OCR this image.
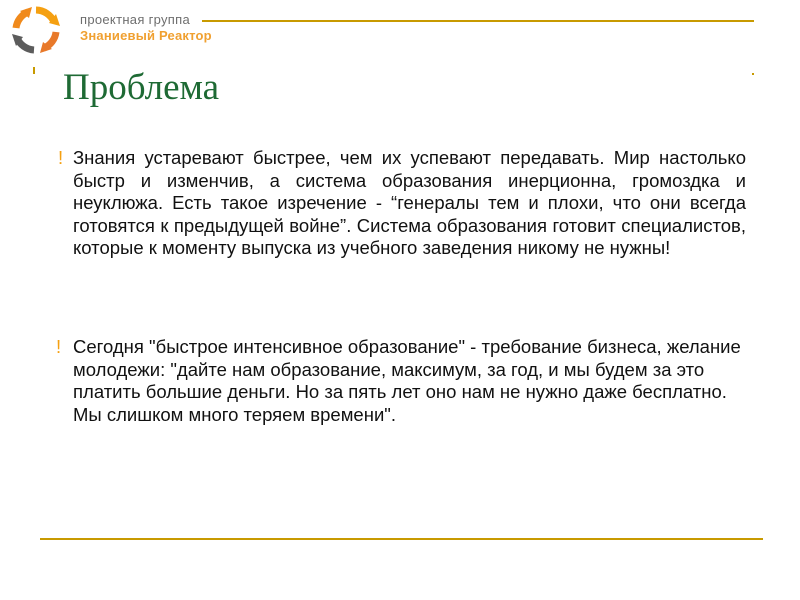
проектная группа
Знаниевый Реактор
Проблема

! Знания устаревают быстрее, чем их успевают передавать. Мир настолько быстр и изменчив, а система образования инерционна, громоздка и неуклюжа. Есть такое изречение - “генералы тем и плохи, что они всегда готовятся к предыдущей войне”. Система образования готовит специалистов, которые к моменту выпуска из учебного заведения никому не нужны!

! Сегодня "быстрое интенсивное образование" - требование бизнеса, желание молодежи: "дайте нам образование, максимум, за год, и мы будем за это платить большие деньги. Но за пять лет оно нам не нужно даже бесплатно. Мы слишком много теряем времени".
